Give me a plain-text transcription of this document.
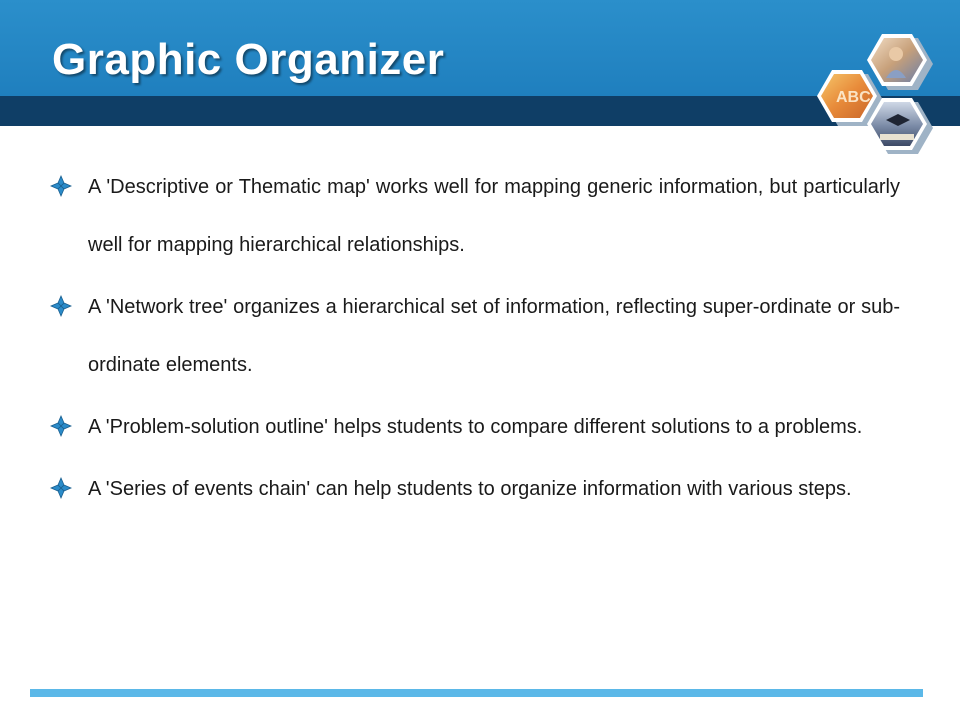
Graphic Organizer
ABC
A 'Descriptive or Thematic map' works well for mapping generic information, but particularly well for mapping hierarchical relationships.
A 'Network tree' organizes a hierarchical set of information, reflecting super-ordinate or sub-ordinate elements.
A 'Problem-solution outline' helps students to compare different solutions to a problems.
A 'Series of events chain' can help students to organize information with various steps.
